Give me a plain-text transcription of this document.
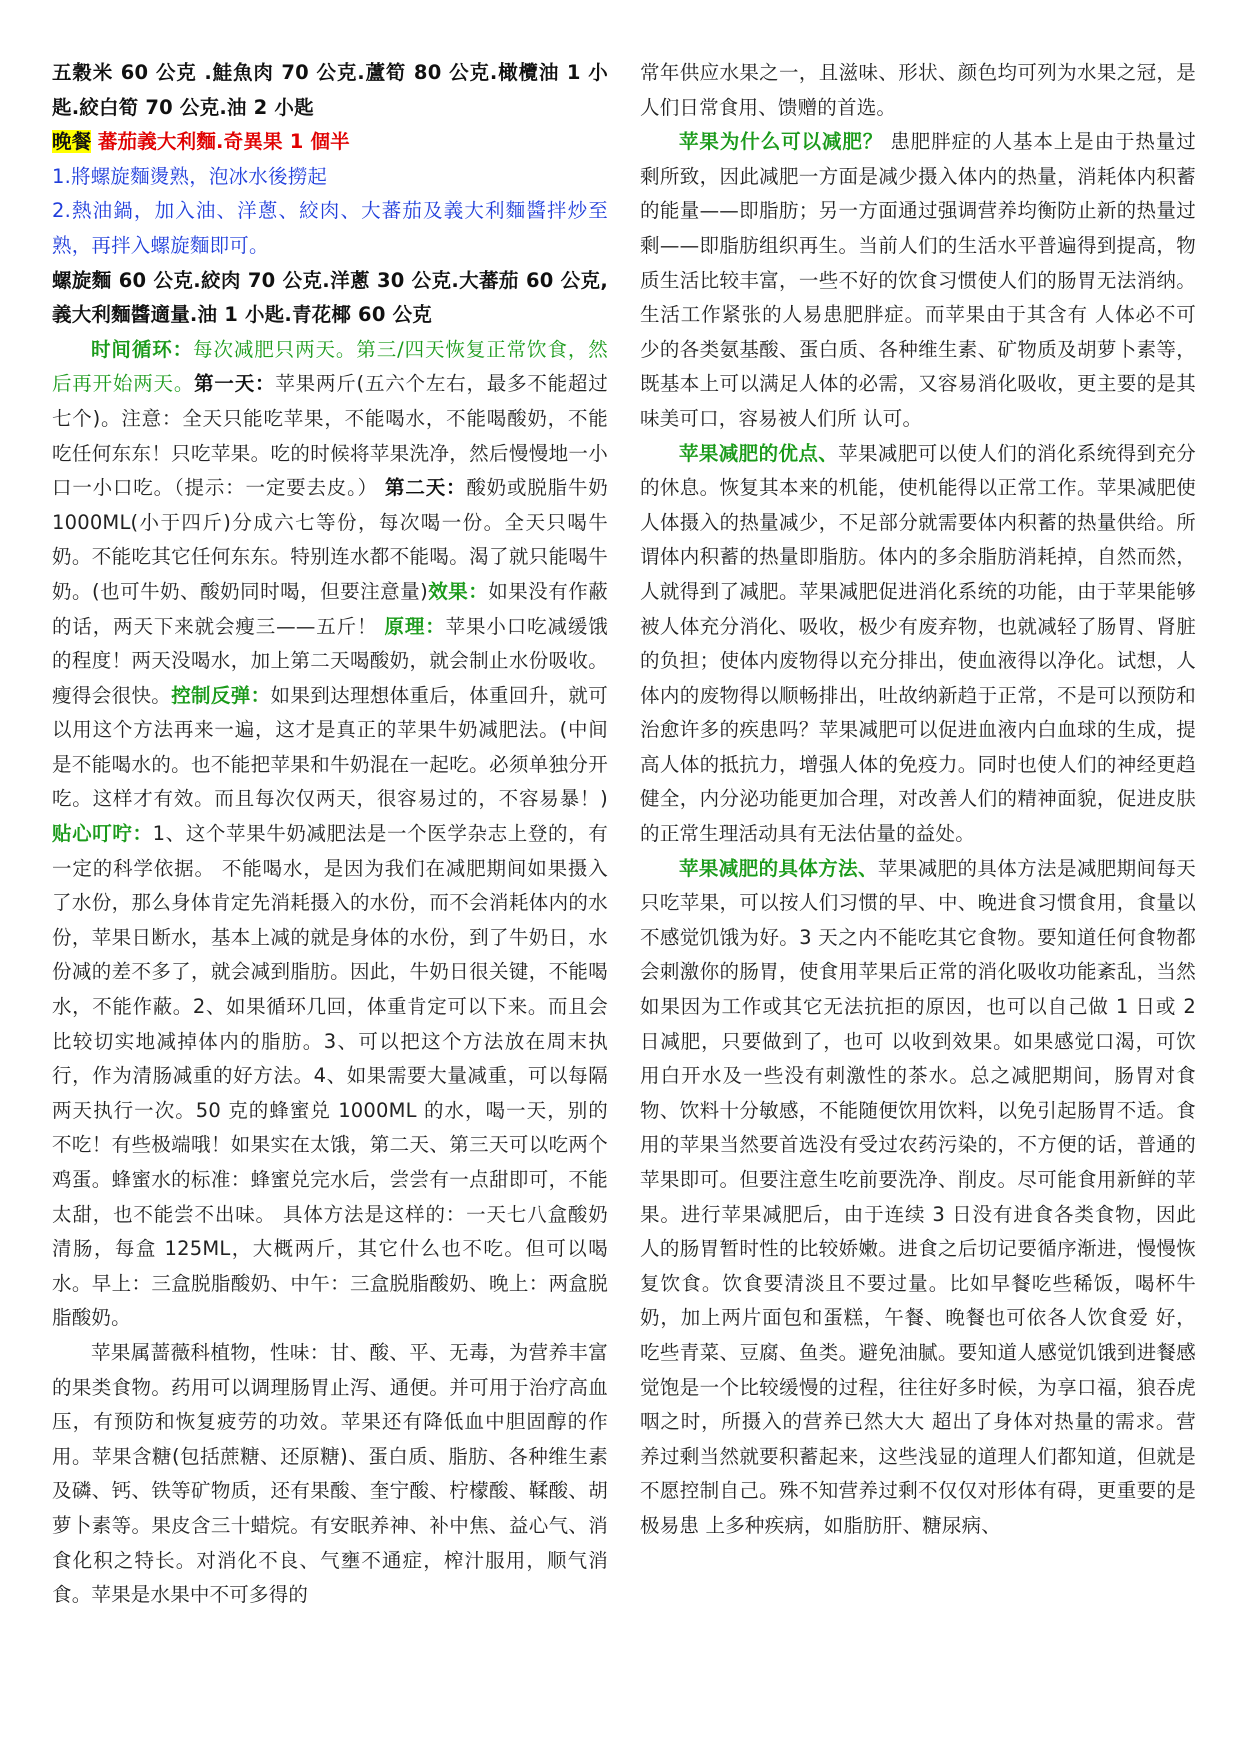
五穀米 60 公克 .鮭魚肉 70 公克.蘆筍 80 公克.橄欖油 1 小匙.絞白筍 70 公克.油 2 小匙

晚餐 蕃茄義大利麵.奇異果 1 個半

1.將螺旋麵燙熟，泡冰水後撈起

2.熱油鍋，加入油、洋蔥、絞肉、大蕃茄及義大利麵醬拌炒至熟，再拌入螺旋麵即可。

螺旋麵 60 公克.絞肉 70 公克.洋蔥 30 公克.大蕃茄 60 公克,義大利麵醬適量.油 1 小匙.青花椰 60 公克

时间循环：每次减肥只两天。第三/四天恢复正常饮食，然后再开始两天。第一天：苹果两斤(五六个左右，最多不能超过七个)。注意：全天只能吃苹果，不能喝水，不能喝酸奶，不能吃任何东东！只吃苹果。吃的时候将苹果洗净，然后慢慢地一小口一小口吃。（提示：一定要去皮。） 第二天：酸奶或脱脂牛奶 1000ML(小于四斤)分成六七等份，每次喝一份。全天只喝牛奶。不能吃其它任何东东。特别连水都不能喝。渴了就只能喝牛奶。(也可牛奶、酸奶同时喝，但要注意量)效果：如果没有作蔽的话，两天下来就会瘦三——五斤！ 原理：苹果小口吃减缓饿的程度！两天没喝水，加上第二天喝酸奶，就会制止水份吸收。瘦得会很快。控制反弹：如果到达理想体重后，体重回升，就可以用这个方法再来一遍，这才是真正的苹果牛奶减肥法。(中间是不能喝水的。也不能把苹果和牛奶混在一起吃。必须单独分开吃。这样才有效。而且每次仅两天，很容易过的，不容易暴！)贴心叮咛：1、这个苹果牛奶减肥法是一个医学杂志上登的，有一定的科学依据。 不能喝水，是因为我们在减肥期间如果摄入了水份，那么身体肯定先消耗摄入的水份，而不会消耗体内的水份，苹果日断水，基本上减的就是身体的水份，到了牛奶日，水份减的差不多了，就会减到脂肪。因此，牛奶日很关键，不能喝水，不能作蔽。2、如果循环几回，体重肯定可以下来。而且会比较切实地减掉体内的脂肪。3、可以把这个方法放在周末执行，作为清肠减重的好方法。4、如果需要大量减重，可以每隔两天执行一次。50 克的蜂蜜兑 1000ML 的水，喝一天，别的不吃！有些极端哦！如果实在太饿，第二天、第三天可以吃两个鸡蛋。蜂蜜水的标准：蜂蜜兑完水后，尝尝有一点甜即可，不能太甜，也不能尝不出味。 具体方法是这样的：一天七八盒酸奶清肠，每盒 125ML，大概两斤，其它什么也不吃。但可以喝水。早上：三盒脱脂酸奶、中午：三盒脱脂酸奶、晚上：两盒脱脂酸奶。

苹果属蔷薇科植物，性味：甘、酸、平、无毒，为营养丰富的果类食物。药用可以调理肠胃止泻、通便。并可用于治疗高血压，有预防和恢复疲劳的功效。苹果还有降低血中胆固醇的作用。苹果含糖(包括蔗糖、还原糖)、蛋白质、脂肪、各种维生素及磷、钙、铁等矿物质，还有果酸、奎宁酸、柠檬酸、鞣酸、胡萝卜素等。果皮含三十蜡烷。有安眠养神、补中焦、益心气、消食化积之特长。对消化不良、气壅不通症，榨汁服用，顺气消食。苹果是水果中不可多得的

常年供应水果之一，且滋味、形状、颜色均可列为水果之冠，是人们日常食用、馈赠的首选。

苹果为什么可以减肥？ 患肥胖症的人基本上是由于热量过剩所致，因此减肥一方面是减少摄入体内的热量，消耗体内积蓄的能量——即脂肪；另一方面通过强调营养均衡防止新的热量过剩——即脂肪组织再生。当前人们的生活水平普遍得到提高，物质生活比较丰富，一些不好的饮食习惯使人们的肠胃无法消纳。生活工作紧张的人易患肥胖症。而苹果由于其含有 人体必不可少的各类氨基酸、蛋白质、各种维生素、矿物质及胡萝卜素等，既基本上可以满足人体的必需，又容易消化吸收，更主要的是其味美可口，容易被人们所 认可。

苹果减肥的优点、苹果减肥可以使人们的消化系统得到充分的休息。恢复其本来的机能，使机能得以正常工作。苹果减肥使人体摄入的热量减少，不足部分就需要体内积蓄的热量供给。所谓体内积蓄的热量即脂肪。体内的多余脂肪消耗掉，自然而然，人就得到了减肥。苹果减肥促进消化系统的功能，由于苹果能够被人体充分消化、吸收，极少有废弃物，也就减轻了肠胃、肾脏的负担；使体内废物得以充分排出，使血液得以净化。试想，人体内的废物得以顺畅排出，吐故纳新趋于正常，不是可以预防和治愈许多的疾患吗？苹果减肥可以促进血液内白血球的生成，提高人体的抵抗力，增强人体的免疫力。同时也使人们的神经更趋健全，内分泌功能更加合理，对改善人们的精神面貌，促进皮肤的正常生理活动具有无法估量的益处。

苹果减肥的具体方法、苹果减肥的具体方法是减肥期间每天只吃苹果，可以按人们习惯的早、中、晚进食习惯食用，食量以不感觉饥饿为好。3 天之内不能吃其它食物。要知道任何食物都会刺激你的肠胃，使食用苹果后正常的消化吸收功能紊乱，当然如果因为工作或其它无法抗拒的原因，也可以自己做 1 日或 2 日减肥，只要做到了，也可 以收到效果。如果感觉口渴，可饮用白开水及一些没有刺激性的茶水。总之减肥期间，肠胃对食物、饮料十分敏感，不能随便饮用饮料，以免引起肠胃不适。食用的苹果当然要首选没有受过农药污染的，不方便的话，普通的苹果即可。但要注意生吃前要洗净、削皮。尽可能食用新鲜的苹果。进行苹果减肥后，由于连续 3 日没有进食各类食物，因此人的肠胃暂时性的比较娇嫩。进食之后切记要循序渐进，慢慢恢复饮食。饮食要清淡且不要过量。比如早餐吃些稀饭，喝杯牛奶，加上两片面包和蛋糕，午餐、晚餐也可依各人饮食爱 好，吃些青菜、豆腐、鱼类。避免油腻。要知道人感觉饥饿到进餐感觉饱是一个比较缓慢的过程，往往好多时候，为享口福，狼吞虎咽之时，所摄入的营养已然大大 超出了身体对热量的需求。营养过剩当然就要积蓄起来，这些浅显的道理人们都知道，但就是不愿控制自己。殊不知营养过剩不仅仅对形体有碍，更重要的是极易患 上多种疾病，如脂肪肝、糖尿病、
